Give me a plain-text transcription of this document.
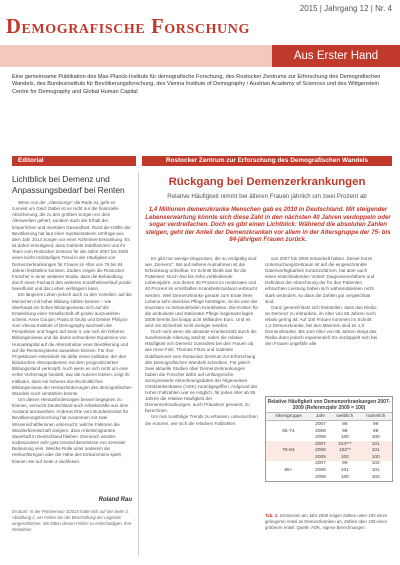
2015 | Jahrgang 12 | Nr. 4
Demografische Forschung
Aus Erster Hand
Eine gemeinsame Publikation des Max-Planck-Instituts für demografische Forschung, des Rostocker Zentrums zur Erforschung des Demografischen Wandels, des Bundesinstituts für Bevölkerungsforschung, des Vienna Institute of Demography / Austrian Academy of Sciences und des Wittgenstein Centre for Demography and Global Human Capital
Editorial	Rostocker Zentrum zur Erforschung des Demografischen Wandels
Lichtblick bei Demenz und Anpassungsbedarf bei Renten

Wenn von der „Alterssorge" die Rede ist, geht es zumeist um Geld: Dabei ist es nicht nur die finanzielle Absicherung, die zu den größten Sorgen vor dem Älterwerden gehört, sondern auch der Erhalt der körperlichen und mentalen Gesundheit. Rund die Hälfte der Bevölkerung hat laut einer repräsentativen Umfrage aus dem Jahr 2014 Sorgen vor einer Alzheimer-Erkrankung. Es ist daher ermutigend, dass Gabriele Doblhammer und ihr Team vom Rostocker Zentrum für die Jahre 2007 bis 2009 einen leicht rückläufigen Trend in der Häufigkeit von Demenzerkrankungen für Frauen im Alter von 75 bis 84 Jahren feststellen konnten. Zudem zeigen die Rostocker Forscher in einer weiteren Studie, dass die Behandlung durch einen Facharzt den weiteren Krankheitsverlauf positiv beeinflusst und das Leben verlängern kann.

Ein längeres Leben jedoch auch zu den Vorteilen, auf die Menschen mit hoher Bildung zählen können – wie überhaupt ein hohes Bildungsniveau sich auf die Entwicklung einer Gesellschaft oft positiv auszuwirken scheint. Anne Goujon, Paola di Giulio und Dimiter Philipov vom Vienna Institute of Demography wechseln die Perspektive und fragen auf Seite 3, wie sich ein höheres Bildungsniveau und die damit verbundene Expansion von Humankapital auf die Altersstruktur einer Bevölkerung und auf die Rentensysteme auswirken können. Für ihre Projektionen entwickeln sie dafür einen Indikator, der den klassischen Altenquotienten mit dem prognostizierten Bildungsstand verknüpft. Auch wenn es sich nicht um eine echte Vorhersage handelt, war die Autoren letzten, zeigt ihr Indikator, dass ein höheres durchschnittliches Bildungsniveau die Herausforderungen des demografischen Wandels noch verstärken könnte.

Um diesen Herausforderungen besser begegnen zu können, versucht Deutschland auch Arbeitskräfte aus dem Ausland anzuwerben. Andreas Ette vom Bundesinstitut für Bevölkerungsforschung hat zusammen mit zwei Wissenschaftlerinnen untersucht, welche Faktoren die Wanderbereitschaft steigern, dass Arbeitsmigranten dauerhaft in Deutschland bleiben. Demnach würden insbesondere sehr gute Deutschkenntnisse von zentraler Bedeutung sein. Welche Rolle unter anderem die Herkunftsregion oder die Höhe des Einkommens spielt, können Sie auf Seite 4 nachlesen.

Roland Rau
Erratum: In der Printversion 3/2015 hatte sich auf der Seite 3, Abbildung 2, ein Fehler bei der Beschriftung der Legende eingeschlichen. Wir bitten diesen Fehler zu entschuldigen. Ihre Redaktion
Rückgang bei Demenzerkrankungen
Relative Häufigkeit nimmt bei älteren Frauen jährlich um zwei Prozent ab
1,4 Millionen demenzkranke Menschen gab es 2010 in Deutschland. Mit steigender Lebenserwartung könnte sich diese Zahl in den nächsten 40 Jahren verdoppeln oder sogar verdreifachen. Doch es gibt einen Lichtblick: Während die absoluten Zahlen steigen, geht der Anteil der Demenzkranken vor allem in der Altersgruppe der 75- bis 84-jährigen Frauen zurück.

Es gibt nur wenige Diagnosen, die so endgültig sind wie „Demenz". Bis auf seltene Ausnahmen ist die Erkrankung unheilbar. Im Schnitt bleibt das für die Patienten: Noch drei bis zehn verbleibende Lebensjahre, von denen 30 Prozent im moderaten und 40 Prozent im ernsthaften Krankheitszustand verbracht werden. Weil Demenzkranke gerade zum Ende ihres Lebens sehr intensive Pflege benötigen, ist sie eine der teuersten zu behandelnden Krankheiten. Die Kosten für die ambulante und stationäre Pflege insgesamt lagen 2008 bereits bei knapp acht Milliarden Euro. Und es wird mit Sicherheit nicht weniger werden.

Doch wird wenn die absolute Krankenzahl durch die zunehmende Alterung wächst, nahm die relative Häufigkeit von Demenz zumindest bei den Frauen ab, wie Anne Fink, Thomas Fritze und Gabriele Doblhammer vom Rostocker Zentrum zur Erforschung des Demografischen Wandels schreiben. Für gleich zwei aktuelle Studien über Demenzerkrankungen haben die Forscher dafür auf umfangreiche, anonymisierte Abrechnungsdaten der Allgemeinen Ortskrankenkasse (AOK) zurückgegriffen. Aufgrund der hohen Fallzahlen war es möglich, für jedes Alter ab 65 Jahren die relative Häufigkeit der Demenzerkrankungen, auch Prävalenz genannt, zu berechnen.

Um nun trustfolige Trends zu erfassen, untersuchten die Autoren, wie sich die relativen Fallzahlen

von 2007 bis 2009 entwickelt haben. Dieser kurze Untersuchungszeitraum ist auf die eingeschränkte Datenverfügbarkeit zurückzuführen, hat aber auch einen entscheidenden Vorteil: Diagnoseverfahren und Definition der Abrechnung der für den Patienten erbrachten Leistung haben sich währenddessen nicht stark verändert, so dass die Zahlen gut vergleichbar sind.

Ganz generell lässt sich feststellen, dass das Risiko, an Demenz zu erkranken, im Alter von 65 Jahren noch relativ gering ist: Auf 100 Frauen kommen im Schnitt 1,2 Demenzkranke, bei den Männern sind es 1,5 Demenzkranke. Bis zum Alter von 85 Jahren steigt das Risiko dann jedoch exponentiell: Es verdoppelt sich bei den Frauen ungefähr alle

Relative Häufigkeit von Demenzerkrankungen 2007-2009 (Referenzjahr 2009 = 100)
Altersgruppe	Jahr	weiblich	männlich
65-74	2007	98	99
	2008	98	98
	2009	100	100
75-84	2007	104***	101
	2008	102**	101
	2009	100	100
85+	2007	99	102
	2008	101	101
	2009	100	102
Tab. 1: Gemessen am Jahr 2009 zeigen Zahlen unter 100 einen geringeren Anteil an Demenzkranken an, Zahlen über 100 einen größeren Anteil. Quelle: AOK, eigene Berechnungen
